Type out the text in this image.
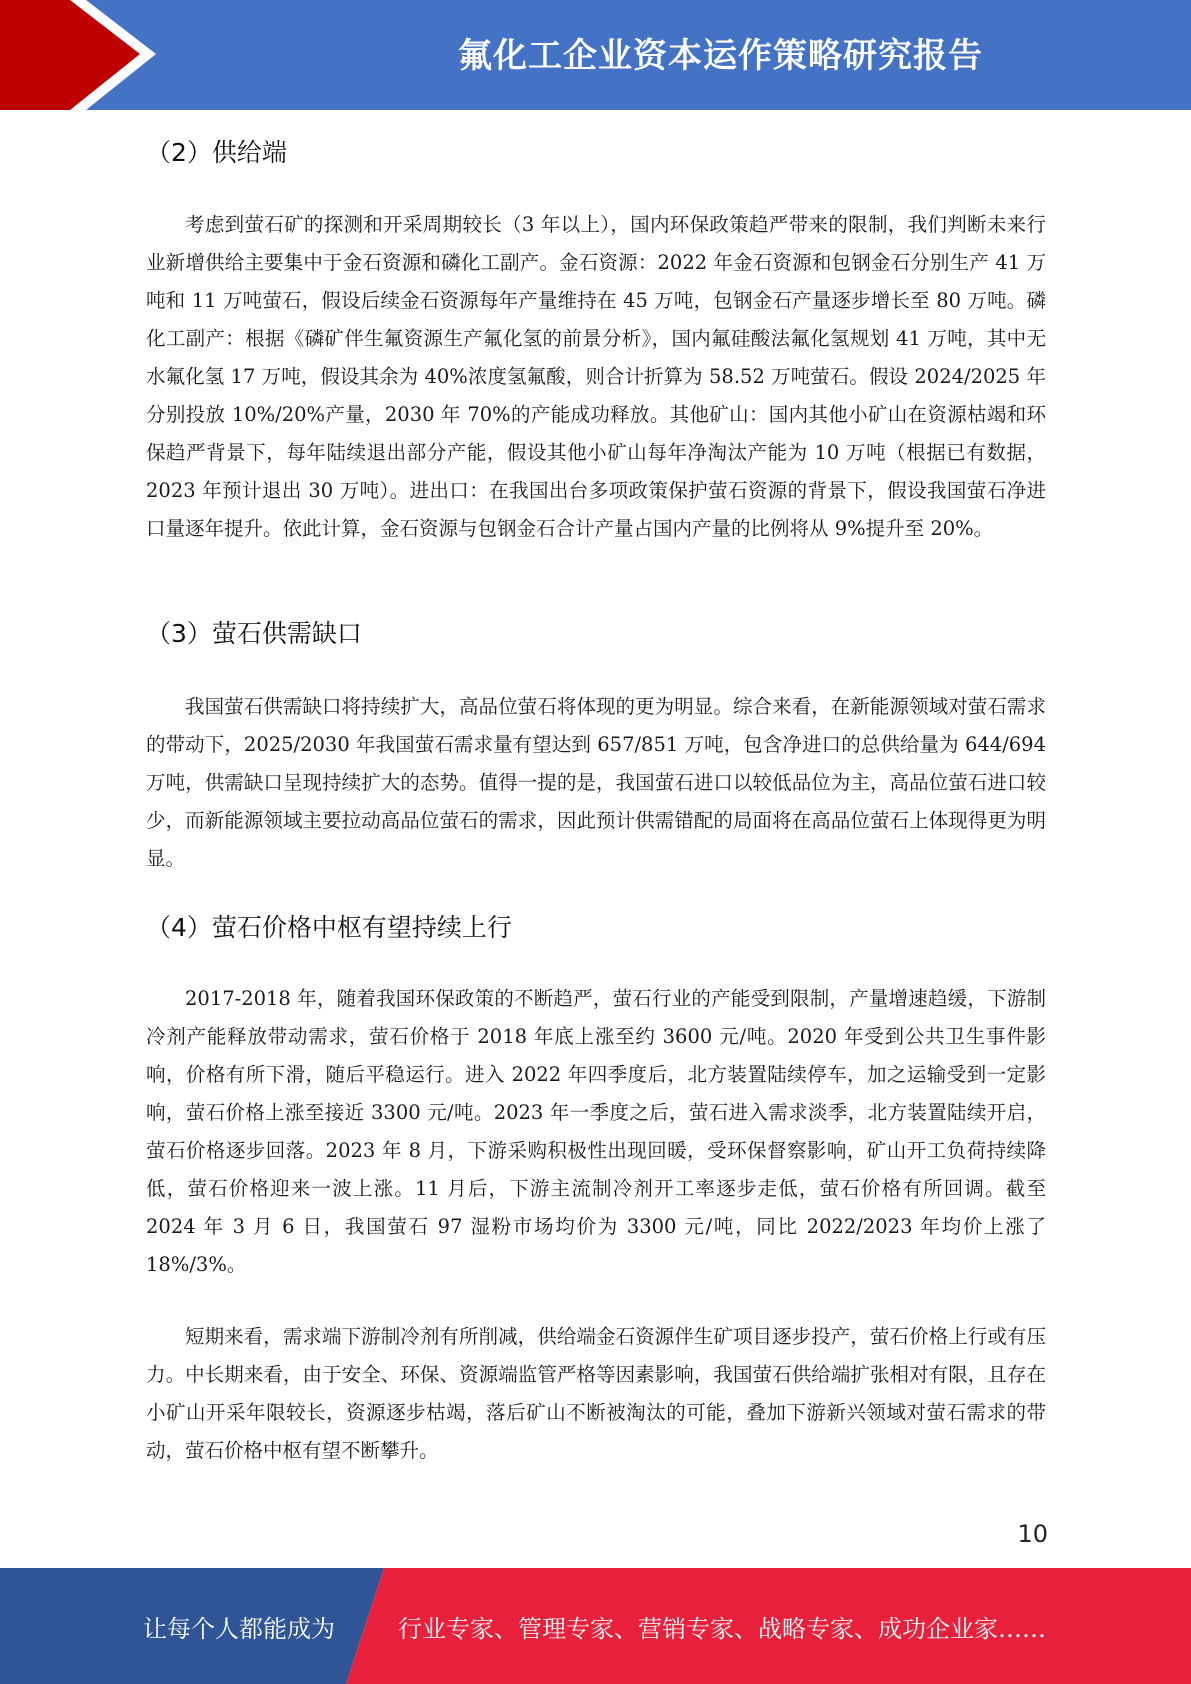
氟化工企业资本运作策略研究报告
（2）供给端

考虑到萤石矿的探测和开采周期较长（3 年以上），国内环保政策趋严带来的限制，我们判断未来行业新增供给主要集中于金石资源和磷化工副产。金石资源：2022 年金石资源和包钢金石分别生产 41 万吨和 11 万吨萤石，假设后续金石资源每年产量维持在 45 万吨，包钢金石产量逐步增长至 80 万吨。磷化工副产：根据《磷矿伴生氟资源生产氟化氢的前景分析》，国内氟硅酸法氟化氢规划 41 万吨，其中无水氟化氢 17 万吨，假设其余为 40%浓度氢氟酸，则合计折算为 58.52 万吨萤石。假设 2024/2025 年分别投放 10%/20%产量，2030 年 70%的产能成功释放。其他矿山：国内其他小矿山在资源枯竭和环保趋严背景下，每年陆续退出部分产能，假设其他小矿山每年净淘汰产能为 10 万吨（根据已有数据，2023 年预计退出 30 万吨）。进出口：在我国出台多项政策保护萤石资源的背景下，假设我国萤石净进口量逐年提升。依此计算，金石资源与包钢金石合计产量占国内产量的比例将从 9%提升至 20%。

（3）萤石供需缺口

我国萤石供需缺口将持续扩大，高品位萤石将体现的更为明显。综合来看，在新能源领域对萤石需求的带动下，2025/2030 年我国萤石需求量有望达到 657/851 万吨，包含净进口的总供给量为 644/694 万吨，供需缺口呈现持续扩大的态势。值得一提的是，我国萤石进口以较低品位为主，高品位萤石进口较少，而新能源领域主要拉动高品位萤石的需求，因此预计供需错配的局面将在高品位萤石上体现得更为明显。

（4）萤石价格中枢有望持续上行

2017-2018 年，随着我国环保政策的不断趋严，萤石行业的产能受到限制，产量增速趋缓，下游制冷剂产能释放带动需求，萤石价格于 2018 年底上涨至约 3600 元/吨。2020 年受到公共卫生事件影响，价格有所下滑，随后平稳运行。进入 2022 年四季度后，北方装置陆续停车，加之运输受到一定影响，萤石价格上涨至接近 3300 元/吨。2023 年一季度之后，萤石进入需求淡季，北方装置陆续开启，萤石价格逐步回落。2023 年 8 月，下游采购积极性出现回暖，受环保督察影响，矿山开工负荷持续降低，萤石价格迎来一波上涨。11 月后，下游主流制冷剂开工率逐步走低，萤石价格有所回调。截至 2024 年 3 月 6 日，我国萤石 97 湿粉市场均价为 3300 元/吨，同比 2022/2023 年均价上涨了 18%/3%。

短期来看，需求端下游制冷剂有所削减，供给端金石资源伴生矿项目逐步投产，萤石价格上行或有压力。中长期来看，由于安全、环保、资源端监管严格等因素影响，我国萤石供给端扩张相对有限，且存在小矿山开采年限较长，资源逐步枯竭，落后矿山不断被淘汰的可能，叠加下游新兴领域对萤石需求的带动，萤石价格中枢有望不断攀升。

10
让每个人都能成为	行业专家、管理专家、营销专家、战略专家、成功企业家……
